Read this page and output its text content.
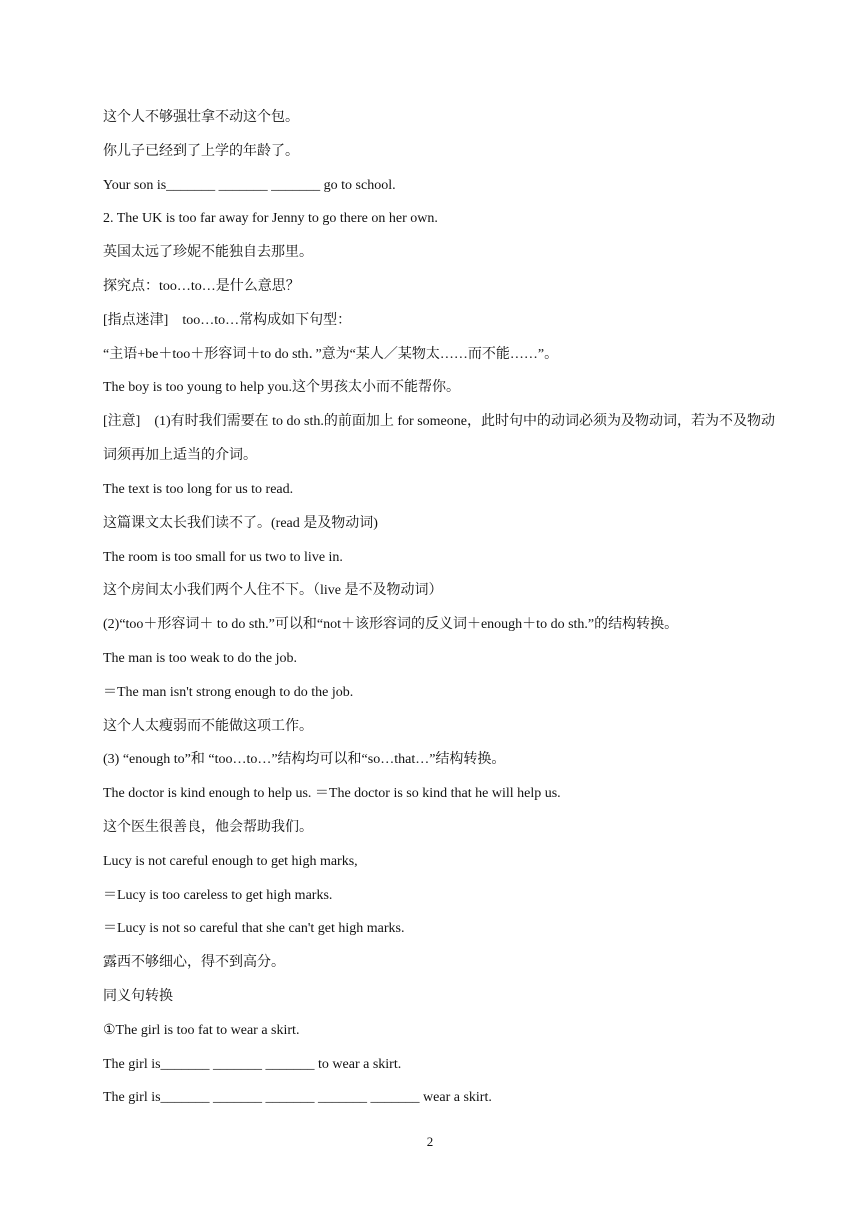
这个人不够强壮拿不动这个包。
你儿子已经到了上学的年龄了。
Your son is_______ _______ _______ go to school.
2. The UK is too far away for Jenny to go there on her own.
英国太远了珍妮不能独自去那里。
探究点：too…to…是什么意思？
[指点迷津]　too…to…常构成如下句型：
“主语+be＋too＋形容词＋to do sth．”意为“某人／某物太……而不能……”。
The boy is too young to help you.这个男孩太小而不能帮你。
[注意]　(1)有时我们需要在 to do sth.的前面加上 for someone，此时句中的动词必须为及物动词，若为不及物动词须再加上适当的介词。
The text is too long for us to read.
这篇课文太长我们读不了。(read 是及物动词)
The room is too small for us two to live in.
这个房间太小我们两个人住不下。（live 是不及物动词）
(2)“too＋形容词＋ to do sth.”可以和“not＋该形容词的反义词＋enough＋to do sth.”的结构转换。
The man is too weak to do the job.
＝The man isn't strong enough to do the job.
这个人太瘦弱而不能做这项工作。
(3) “enough to”和 “too…to…”结构均可以和“so…that…”结构转换。
The doctor is kind enough to help us. ＝The doctor is so kind that he will help us.
这个医生很善良，他会帮助我们。
Lucy is not careful enough to get high marks,
＝Lucy is too careless to get high marks.
＝Lucy is not so careful that she can't get high marks.
露西不够细心，得不到高分。
同义句转换
①The girl is too fat to wear a skirt.
The girl is_______ _______ _______ to wear a skirt.
The girl is_______ _______ _______ _______ _______ wear a skirt.
2
